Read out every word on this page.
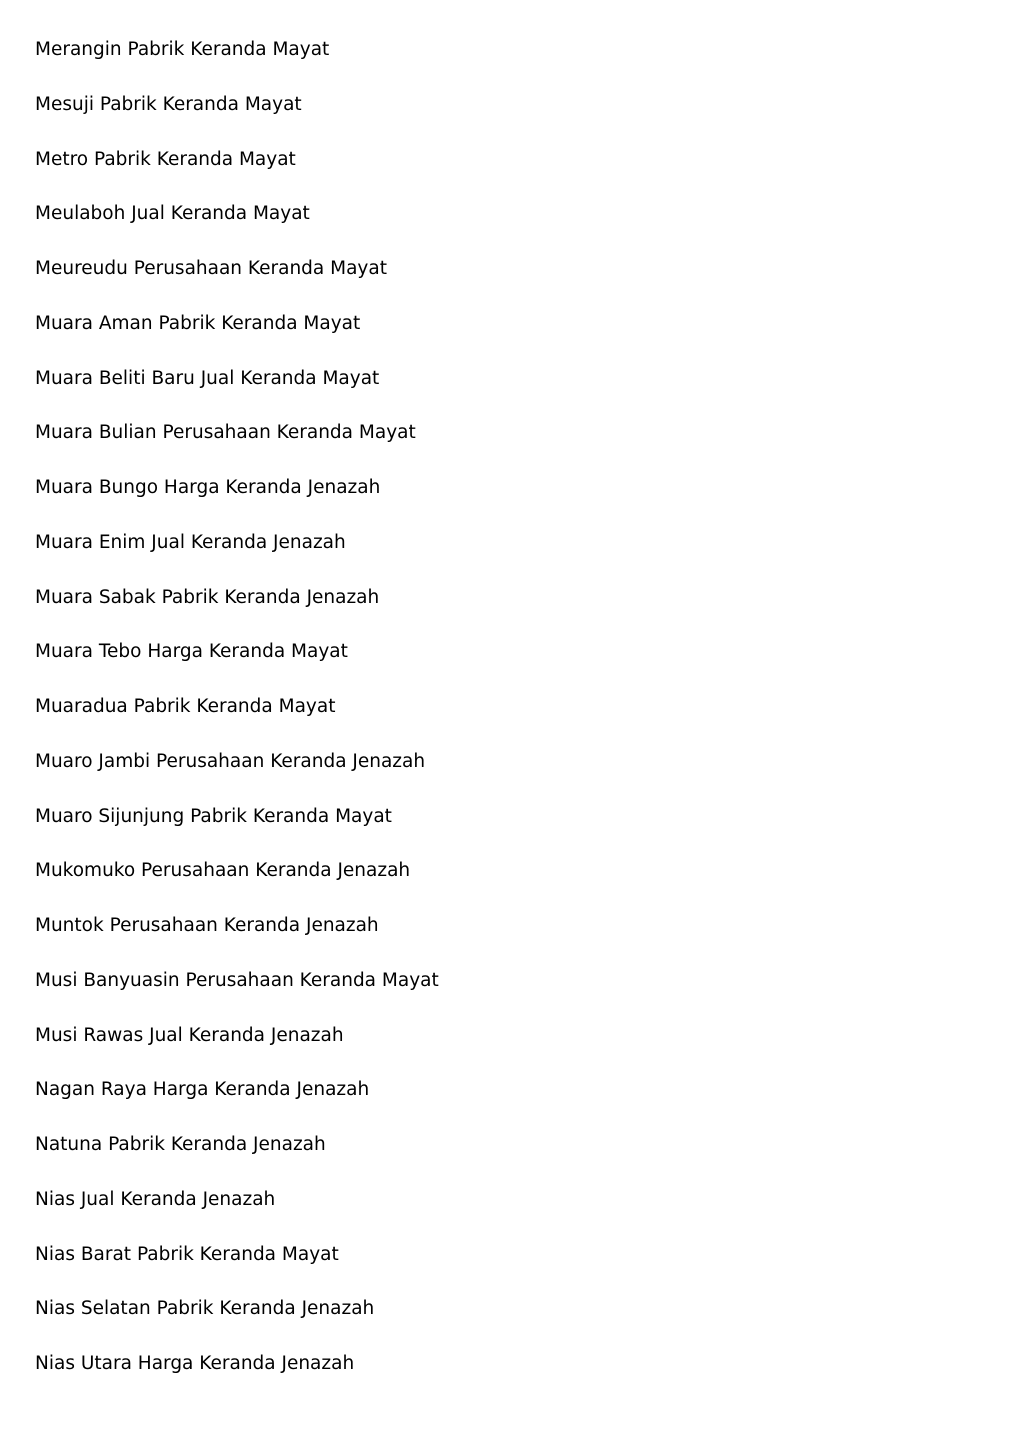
Merangin Pabrik Keranda Mayat
Mesuji Pabrik Keranda Mayat
Metro Pabrik Keranda Mayat
Meulaboh Jual Keranda Mayat
Meureudu Perusahaan Keranda Mayat
Muara Aman Pabrik Keranda Mayat
Muara Beliti Baru Jual Keranda Mayat
Muara Bulian Perusahaan Keranda Mayat
Muara Bungo Harga Keranda Jenazah
Muara Enim Jual Keranda Jenazah
Muara Sabak Pabrik Keranda Jenazah
Muara Tebo Harga Keranda Mayat
Muaradua Pabrik Keranda Mayat
Muaro Jambi Perusahaan Keranda Jenazah
Muaro Sijunjung Pabrik Keranda Mayat
Mukomuko Perusahaan Keranda Jenazah
Muntok Perusahaan Keranda Jenazah
Musi Banyuasin Perusahaan Keranda Mayat
Musi Rawas Jual Keranda Jenazah
Nagan Raya Harga Keranda Jenazah
Natuna Pabrik Keranda Jenazah
Nias Jual Keranda Jenazah
Nias Barat Pabrik Keranda Mayat
Nias Selatan Pabrik Keranda Jenazah
Nias Utara Harga Keranda Jenazah
